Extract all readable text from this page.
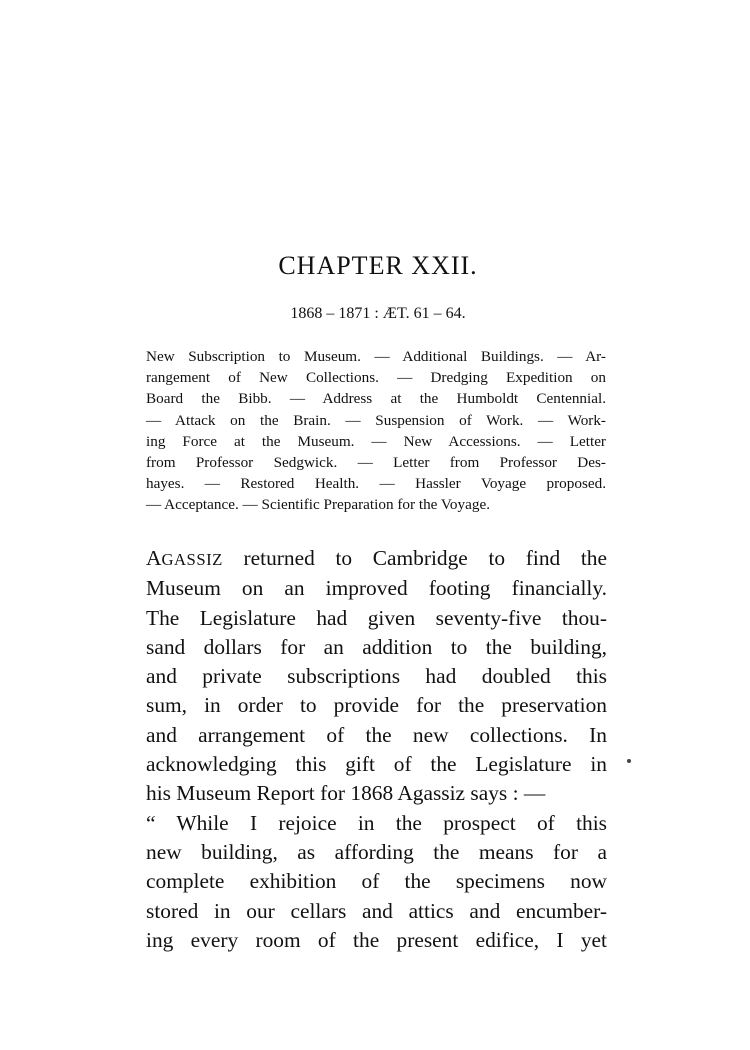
CHAPTER XXII.

1868 – 1871 : ÆT. 61 – 64.

New Subscription to Museum. — Additional Buildings. — Ar-
rangement of New Collections. — Dredging Expedition on
Board the Bibb. — Address at the Humboldt Centennial.
— Attack on the Brain. — Suspension of Work. — Work-
ing Force at the Museum. — New Accessions. — Letter
from Professor Sedgwick. — Letter from Professor Des-
hayes. — Restored Health. — Hassler Voyage proposed.
— Acceptance. — Scientific Preparation for the Voyage.

AGASSIZ returned to Cambridge to find the
Museum on an improved footing financially.
The Legislature had given seventy-five thou-
sand dollars for an addition to the building,
and private subscriptions had doubled this
sum, in order to provide for the preservation
and arrangement of the new collections. In
acknowledging this gift of the Legislature in
his Museum Report for 1868 Agassiz says : —
“ While I rejoice in the prospect of this
new building, as affording the means for a
complete exhibition of the specimens now
stored in our cellars and attics and encumber-
ing every room of the present edifice, I yet
